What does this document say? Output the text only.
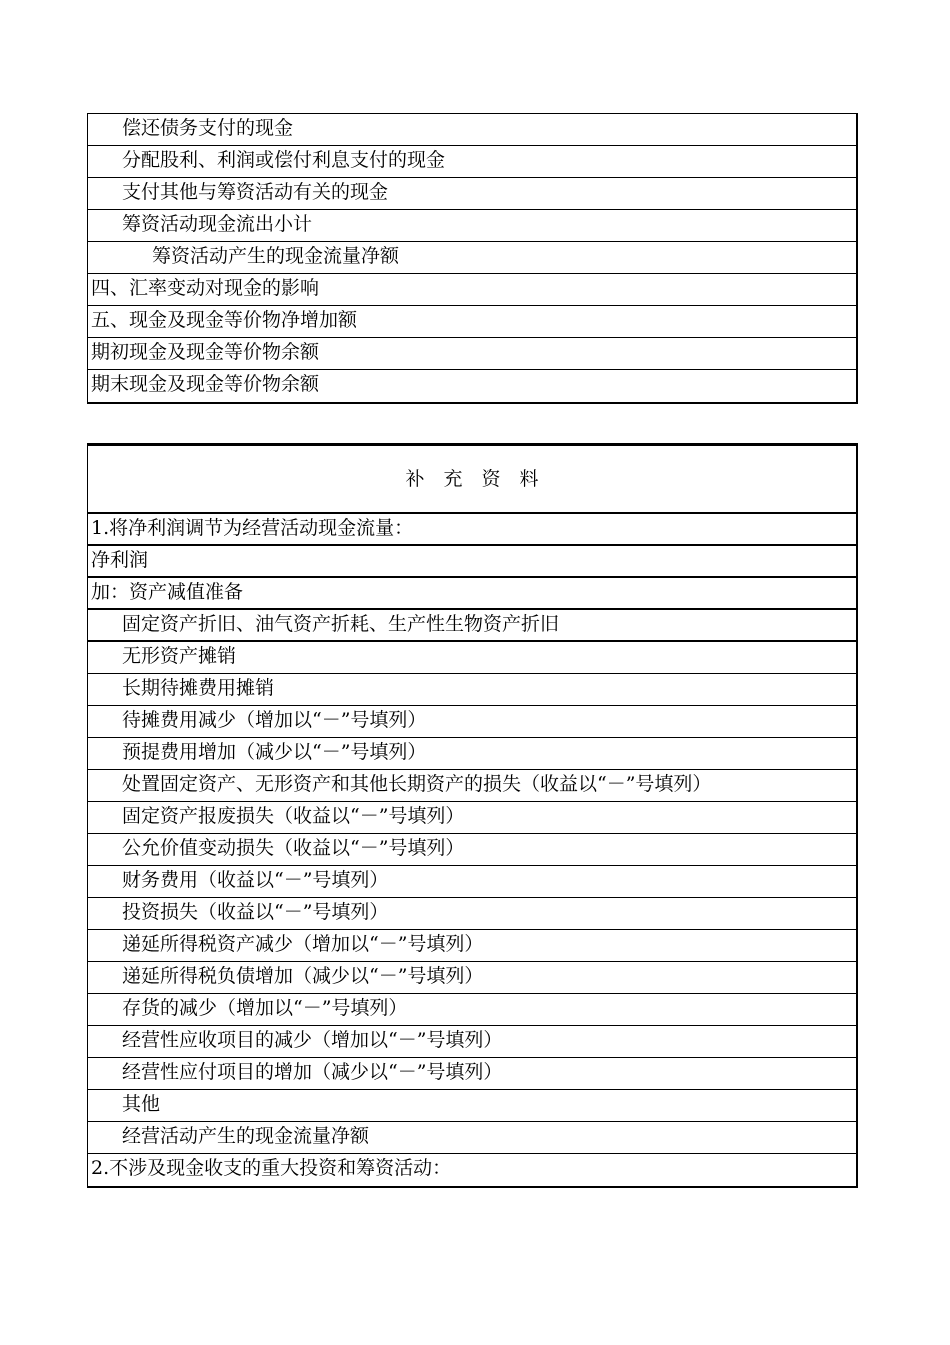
偿还债务支付的现金
分配股利、利润或偿付利息支付的现金
支付其他与筹资活动有关的现金
筹资活动现金流出小计
筹资活动产生的现金流量净额
四、汇率变动对现金的影响
五、现金及现金等价物净增加额
期初现金及现金等价物余额
期末现金及现金等价物余额
补　充　资　料
1.将净利润调节为经营活动现金流量：
净利润
加：资产减值准备
固定资产折旧、油气资产折耗、生产性生物资产折旧
无形资产摊销
长期待摊费用摊销
待摊费用减少（增加以“－”号填列）
预提费用增加（减少以“－”号填列）
处置固定资产、无形资产和其他长期资产的损失（收益以“－”号填列）
固定资产报废损失（收益以“－”号填列）
公允价值变动损失（收益以“－”号填列）
财务费用（收益以“－”号填列）
投资损失（收益以“－”号填列）
递延所得税资产减少（增加以“－”号填列）
递延所得税负债增加（减少以“－”号填列）
存货的减少（增加以“－”号填列）
经营性应收项目的减少（增加以“－”号填列）
经营性应付项目的增加（减少以“－”号填列）
其他
经营活动产生的现金流量净额
2.不涉及现金收支的重大投资和筹资活动：
